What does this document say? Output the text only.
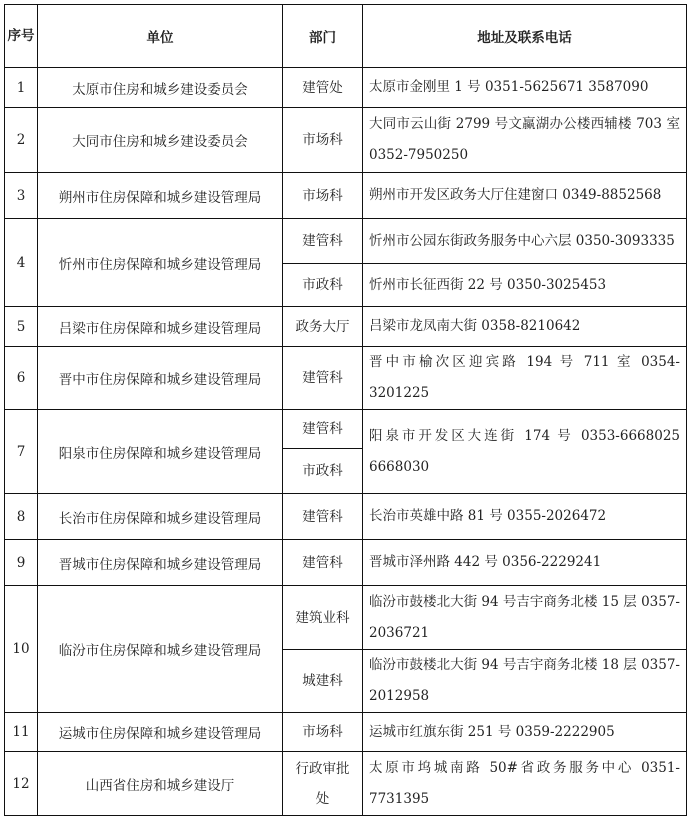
序号	单位	部门	地址及联系电话
1	太原市住房和城乡建设委员会	建管处	太原市金刚里 1 号 0351-5625671 3587090
2	大同市住房和城乡建设委员会	市场科	大同市云山街 2799 号文赢湖办公楼西辅楼 703 室 0352-7950250
3	朔州市住房保障和城乡建设管理局	市场科	朔州市开发区政务大厅住建窗口 0349-8852568
4	忻州市住房保障和城乡建设管理局	建管科	忻州市公园东街政务服务中心六层 0350-3093335
		市政科	忻州市长征西街 22 号 0350-3025453
5	吕梁市住房保障和城乡建设管理局	政务大厅	吕梁市龙凤南大街 0358-8210642
6	晋中市住房保障和城乡建设管理局	建管科	晋中市榆次区迎宾路 194 号 711 室 0354-3201225
7	阳泉市住房保障和城乡建设管理局	建管科	阳泉市开发区大连街 174 号 0353-6668025 6668030
		市政科	
8	长治市住房保障和城乡建设管理局	建管科	长治市英雄中路 81 号 0355-2026472
9	晋城市住房保障和城乡建设管理局	建管科	晋城市泽州路 442 号 0356-2229241
10	临汾市住房保障和城乡建设管理局	建筑业科	临汾市鼓楼北大街 94 号吉宇商务北楼 15 层 0357-2036721
		城建科	临汾市鼓楼北大街 94 号吉宇商务北楼 18 层 0357-2012958
11	运城市住房保障和城乡建设管理局	市场科	运城市红旗东街 251 号 0359-2222905
12	山西省住房和城乡建设厅	行政审批处	太原市坞城南路 50#省政务服务中心 0351-7731395
